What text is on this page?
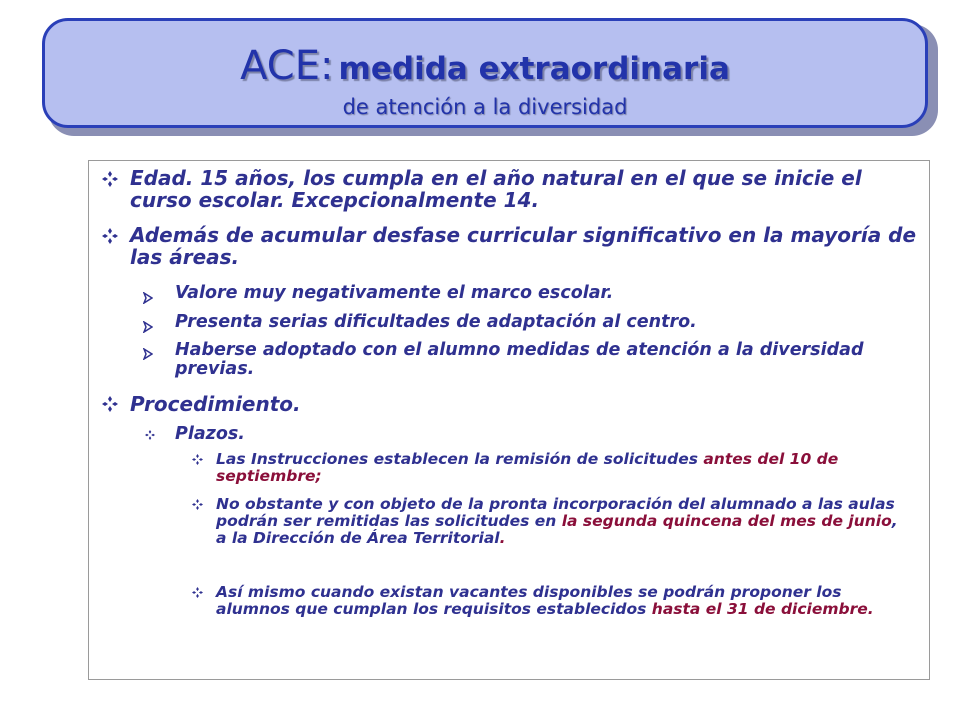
ACE: medida extraordinaria
de atención a la diversidad
Edad. 15 años, los cumpla en el año natural en el que se inicie el curso escolar. Excepcionalmente 14.
Además de acumular desfase curricular significativo en la mayoría de las áreas.
Valore muy negativamente el marco escolar.
Presenta serias dificultades de adaptación al centro.
Haberse adoptado con el alumno medidas de atención a la diversidad previas.
Procedimiento.
Plazos.
Las Instrucciones establecen la remisión de solicitudes antes del 10 de septiembre;
No obstante y con objeto de la pronta incorporación del alumnado a las aulas podrán ser remitidas las solicitudes en la segunda quincena del mes de junio, a la Dirección de Área Territorial.
Así mismo cuando existan vacantes disponibles se podrán proponer los alumnos que cumplan los requisitos establecidos hasta el 31 de diciembre.
